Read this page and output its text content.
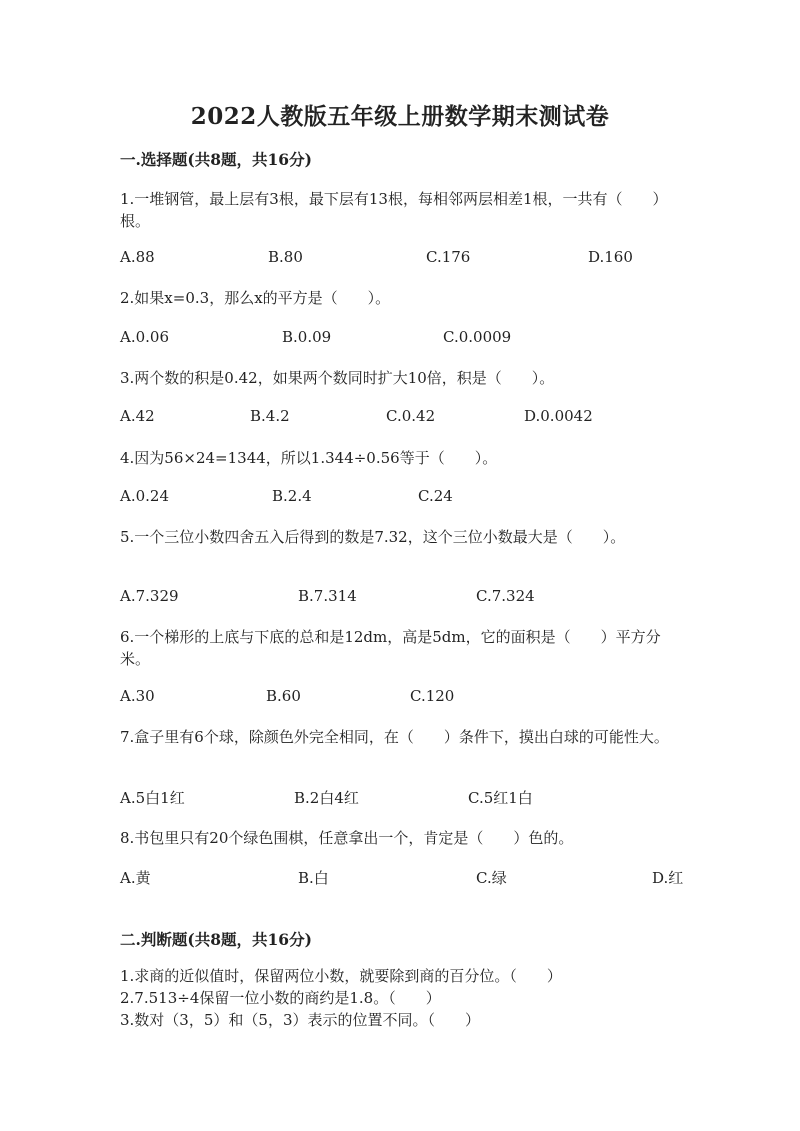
2022人教版五年级上册数学期末测试卷
一.选择题(共8题，共16分)
1.一堆钢管，最上层有3根，最下层有13根，每相邻两层相差1根，一共有（　　）根。
A.88	B.80	C.176	D.160
2.如果x=0.3，那么x的平方是（　　）。
A.0.06	B.0.09	C.0.0009
3.两个数的积是0.42，如果两个数同时扩大10倍，积是（　　）。
A.42	B.4.2	C.0.42	D.0.0042
4.因为56×24=1344，所以1.344÷0.56等于（　　）。
A.0.24	B.2.4	C.24
5.一个三位小数四舍五入后得到的数是7.32，这个三位小数最大是（　　）。
A.7.329	B.7.314	C.7.324
6.一个梯形的上底与下底的总和是12dm，高是5dm，它的面积是（　　）平方分米。
A.30	B.60	C.120
7.盒子里有6个球，除颜色外完全相同，在（　　）条件下，摸出白球的可能性大。
A.5白1红	B.2白4红	C.5红1白
8.书包里只有20个绿色围棋，任意拿出一个，肯定是（　　）色的。
A.黄	B.白	C.绿	D.红
二.判断题(共8题，共16分)
1.求商的近似值时，保留两位小数，就要除到商的百分位。（　　）
2.7.513÷4保留一位小数的商约是1.8。（　　）
3.数对（3，5）和（5，3）表示的位置不同。（　　）
